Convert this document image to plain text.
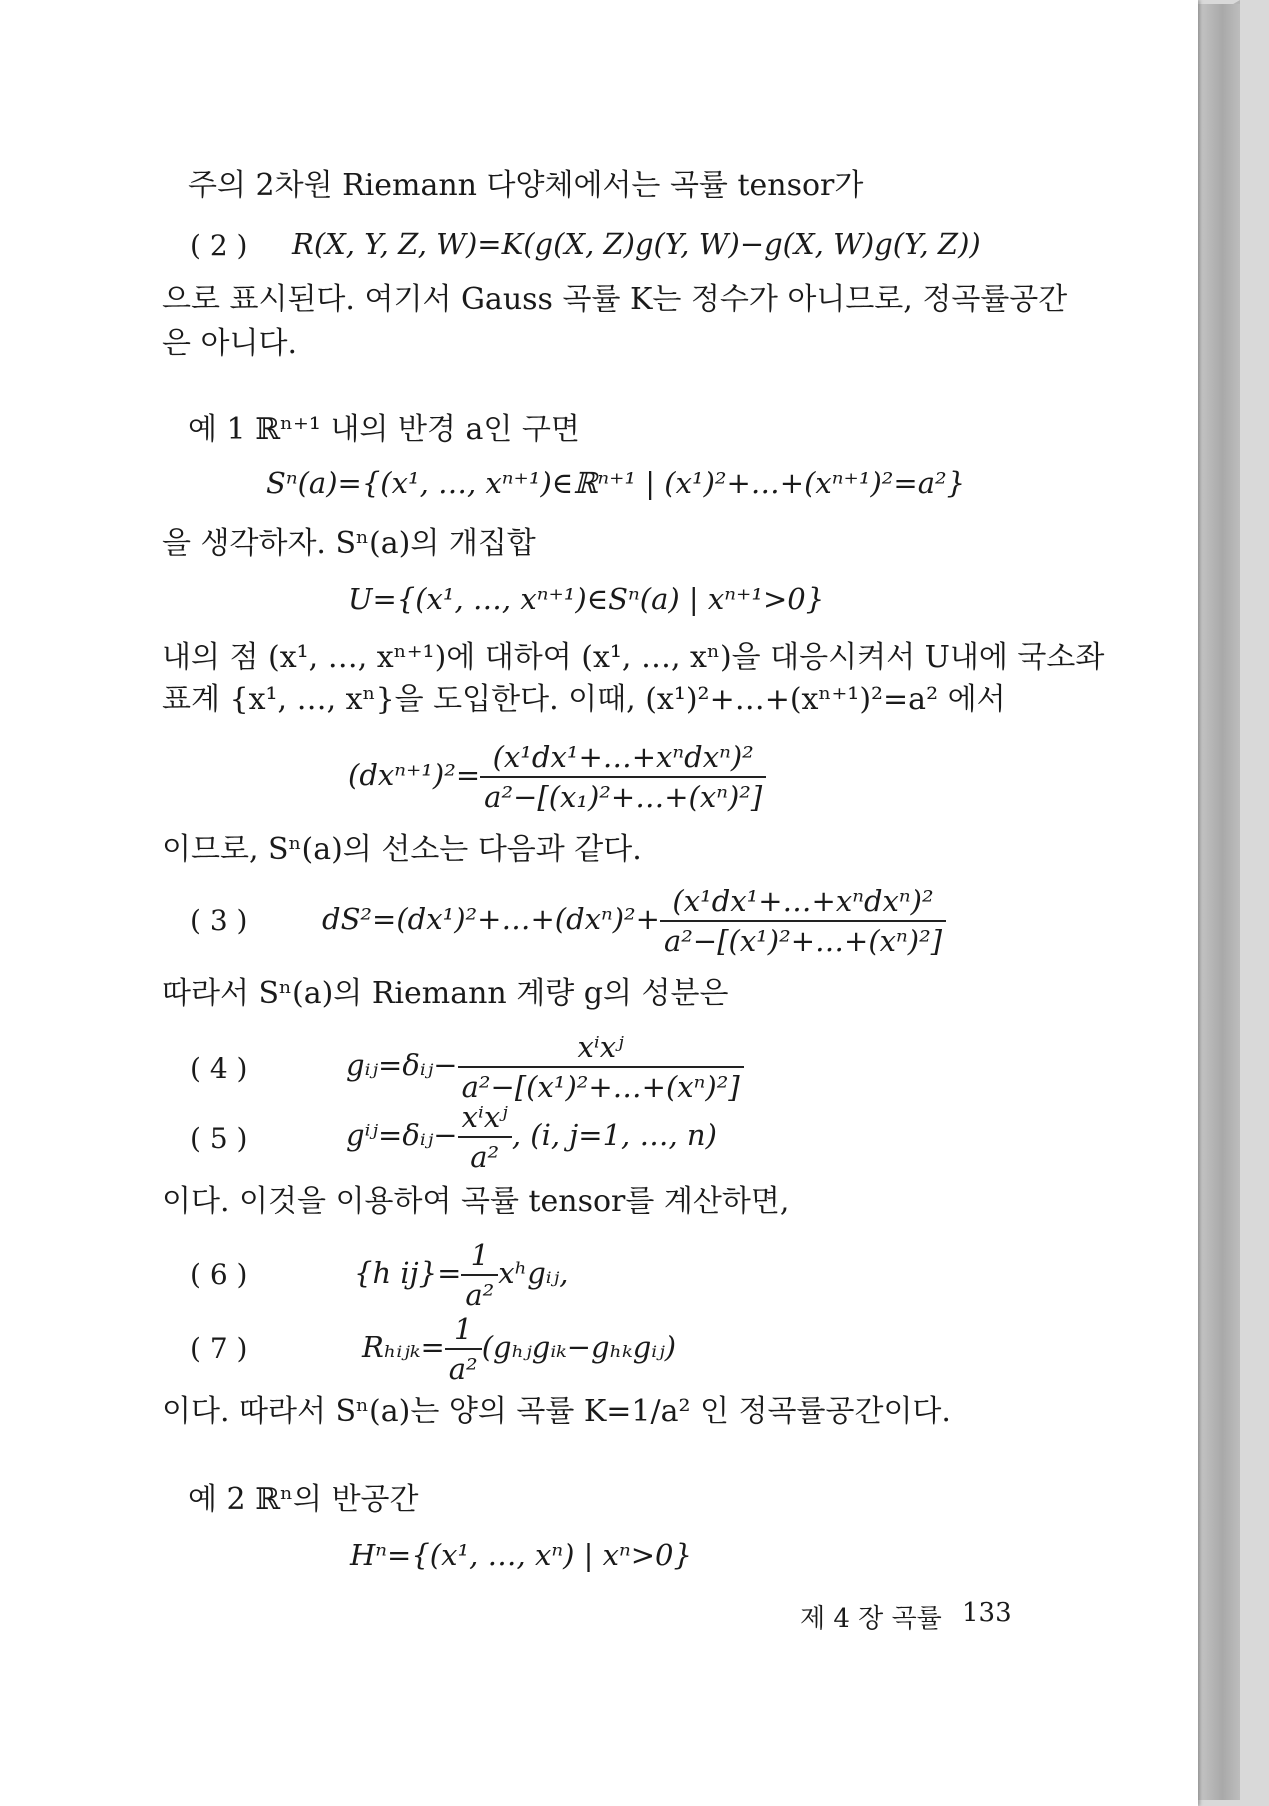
주의 2차원 Riemann 다양체에서는 곡률 tensor가
( 2 ) R(X, Y, Z, W)=K(g(X, Z)g(Y, W)−g(X, W)g(Y, Z))
으로 표시된다. 여기서 Gauss 곡률 K는 정수가 아니므로, 정곡률공간
은 아니다.
예 1 ℝⁿ⁺¹ 내의 반경 a인 구면
Sⁿ(a)={(x¹, …, xⁿ⁺¹)∈ℝⁿ⁺¹ | (x¹)²+…+(xⁿ⁺¹)²=a²}
을 생각하자. Sⁿ(a)의 개집합
U={(x¹, …, xⁿ⁺¹)∈Sⁿ(a) | xⁿ⁺¹>0}
내의 점 (x¹, …, xⁿ⁺¹)에 대하여 (x¹, …, xⁿ)을 대응시켜서 U내에 국소좌
표계 {x¹, …, xⁿ}을 도입한다. 이때, (x¹)²+…+(xⁿ⁺¹)²=a² 에서
$(dx^{n+1})^2= \frac{\text{(x¹dx¹+…+xⁿdxⁿ)²}}{\text{a²−[(x₁)²+…+(xⁿ)²]}}$
이므로, Sⁿ(a)의 선소는 다음과 같다.
( 3 )	dS²=(dx¹)²+…+(dxⁿ)²+ $\frac{\text{(x¹dx¹+…+xⁿdxⁿ)²}}{\text{a²−[(x¹)²+…+(xⁿ)²]}}$
따라서 Sⁿ(a)의 Riemann 계량 g의 성분은
( 4 )	gᵢⱼ=δᵢⱼ− $\frac{\text{xⁱxʲ}}{\text{a²−[(x¹)²+…+(xⁿ)²]}}$
( 5 )	gⁱʲ=δᵢⱼ− $\frac{\text{xⁱxʲ}}{\text{a²}}$ , (i, j=1, …, n)
이다. 이것을 이용하여 곡률 tensor를 계산하면,
( 6 )	{h $ij\}= \frac{1}{\text{a²}}$ xʰgᵢⱼ,
( 7 )	Rₕᵢⱼₖ= $\frac{1}{\text{a²}}$ (gₕⱼgᵢₖ−gₕₖgᵢⱼ)
이다. 따라서 Sⁿ(a)는 양의 곡률 K=1/a² 인 정곡률공간이다.
예 2 ℝⁿ의 반공간
Hⁿ={(x¹, …, xⁿ) | xⁿ>0}
제 4 장 곡률 133
